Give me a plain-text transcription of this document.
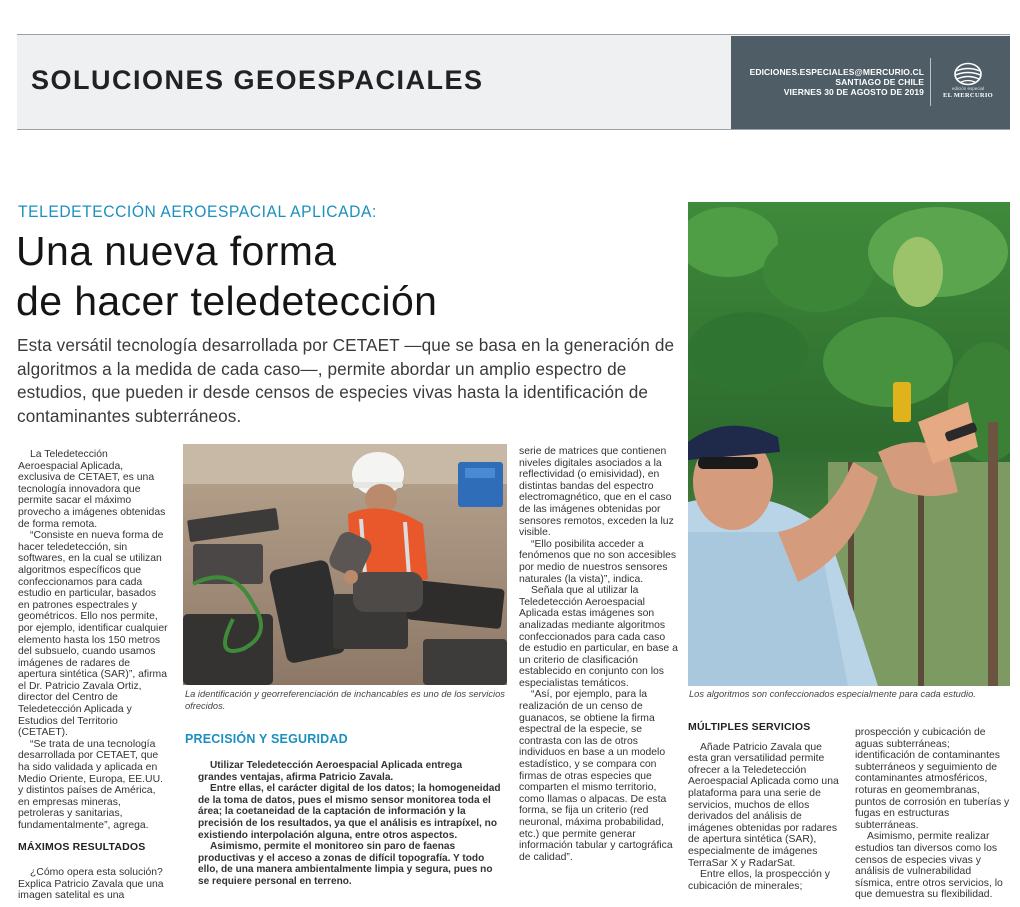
SOLUCIONES GEOESPACIALES	EDICIONES.ESPECIALES@MERCURIO.CL
SANTIAGO DE CHILE
VIERNES 30 DE AGOSTO DE 2019	edición especial
EL MERCURIO
TELEDETECCIÓN AEROESPACIAL APLICADA:
Una nueva forma
de hacer teledetección
Esta versátil tecnología desarrollada por CETAET —que se basa en la generación de algoritmos a la medida de cada caso—, permite abordar un amplio espectro de estudios, que pueden ir desde censos de especies vivas hasta la identificación de contaminantes subterráneos.

La Teledetección Aeroespacial Aplicada, exclusiva de CETAET, es una tecnología innovadora que permite sacar el máximo provecho a imágenes obtenidas de forma remota.

“Consiste en nueva forma de hacer teledetección, sin softwares, en la cual se utilizan algoritmos específicos que confeccionamos para cada estudio en particular, basados en patrones espectrales y geométricos. Ello nos permite, por ejemplo, identificar cualquier elemento hasta los 150 metros del subsuelo, cuando usamos imágenes de radares de apertura sintética (SAR)”, afirma el Dr. Patricio Zavala Ortiz, director del Centro de Teledetección Aplicada y Estudios del Territorio (CETAET).

“Se trata de una tecnología desarrollada por CETAET, que ha sido validada y aplicada en Medio Oriente, Europa, EE.UU. y distintos países de América, en empresas mineras, petroleras y sanitarias, fundamentalmente”, agrega.

MÁXIMOS RESULTADOS

¿Cómo opera esta solución? Explica Patricio Zavala que una imagen satelital es una

La identificación y georreferenciación de inchancables es uno de los servicios ofrecidos.
PRECISIÓN Y SEGURIDAD

Utilizar Teledetección Aeroespacial Aplicada entrega grandes ventajas, afirma Patricio Zavala.

Entre ellas, el carácter digital de los datos; la homogeneidad de la toma de datos, pues el mismo sensor monitorea toda el área; la coetaneidad de la captación de información y la precisión de los resultados, ya que el análisis es intrapíxel, no existiendo interpolación alguna, entre otros aspectos.

Asimismo, permite el monitoreo sin paro de faenas productivas y el acceso a zonas de difícil topografía. Y todo ello, de una manera ambientalmente limpia y segura, pues no se requiere personal en terreno.

serie de matrices que contienen niveles digitales asociados a la reflectividad (o emisividad), en distintas bandas del espectro electromagnético, que en el caso de las imágenes obtenidas por sensores remotos, exceden la luz visible.

“Ello posibilita acceder a fenómenos que no son accesibles por medio de nuestros sensores naturales (la vista)”, indica.

Señala que al utilizar la Teledetección Aeroespacial Aplicada estas imágenes son analizadas mediante algoritmos confeccionados para cada caso de estudio en particular, en base a un criterio de clasificación establecido en conjunto con los especialistas temáticos.

“Así, por ejemplo, para la realización de un censo de guanacos, se obtiene la firma espectral de la especie, se contrasta con las de otros individuos en base a un modelo estadístico, y se compara con firmas de otras especies que comparten el mismo territorio, como llamas o alpacas. De esta forma, se fija un criterio (red neuronal, máxima probabilidad, etc.) que permite generar información tabular y cartográfica de calidad”.

Los algoritmos son confeccionados especialmente para cada estudio.
MÚLTIPLES SERVICIOS

Añade Patricio Zavala que esta gran versatilidad permite ofrecer a la Teledetección Aeroespacial Aplicada como una plataforma para una serie de servicios, muchos de ellos derivados del análisis de imágenes obtenidas por radares de apertura sintética (SAR), especialmente de imágenes TerraSar X y RadarSat.

Entre ellos, la prospección y cubicación de minerales;

prospección y cubicación de aguas subterráneas; identificación de contaminantes subterráneos y seguimiento de contaminantes atmosféricos, roturas en geomembranas, puntos de corrosión en tuberías y fugas en estructuras subterráneas.

Asimismo, permite realizar estudios tan diversos como los censos de especies vivas y análisis de vulnerabilidad sísmica, entre otros servicios, lo que demuestra su flexibilidad.
